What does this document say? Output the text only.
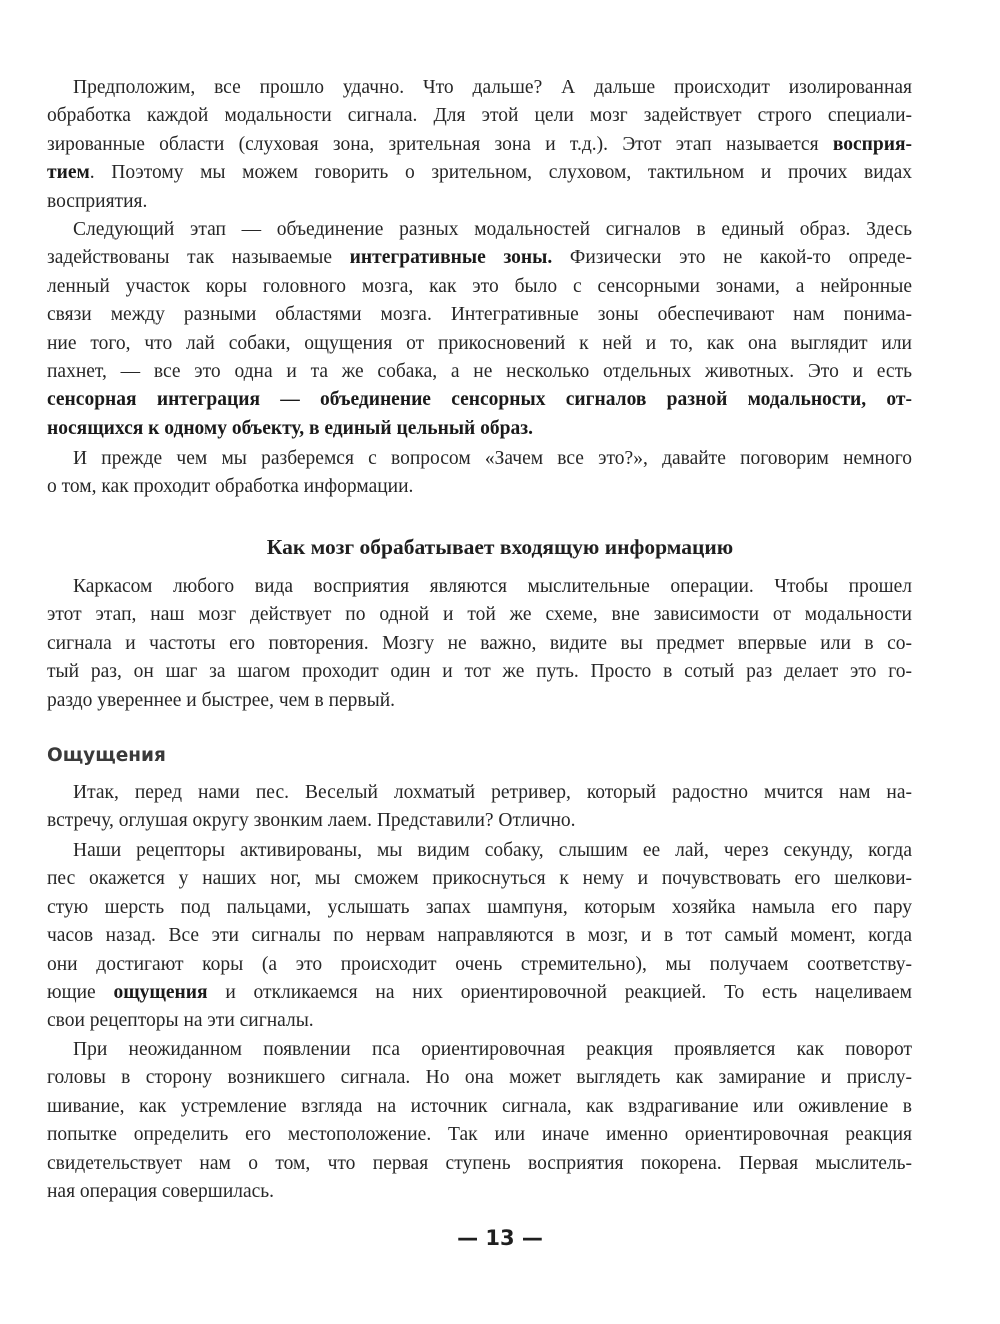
Предположим, все прошло удачно. Что дальше? А дальше происходит изолированная
обработка каждой модальности сигнала. Для этой цели мозг задействует строго специали-
зированные области (слуховая зона, зрительная зона и т.д.). Этот этап называется восприя-
тием. Поэтому мы можем говорить о зрительном, слуховом, тактильном и прочих видах
восприятия.
Следующий этап — объединение разных модальностей сигналов в единый образ. Здесь
задействованы так называемые интегративные зоны. Физически это не какой-то опреде-
ленный участок коры головного мозга, как это было с сенсорными зонами, а нейронные
связи между разными областями мозга. Интегративные зоны обеспечивают нам понима-
ние того, что лай собаки, ощущения от прикосновений к ней и то, как она выглядит или
пахнет, — все это одна и та же собака, а не несколько отдельных животных. Это и есть
сенсорная интеграция — объединение сенсорных сигналов разной модальности, от-
носящихся к одному объекту, в единый цельный образ.
И прежде чем мы разберемся с вопросом «Зачем все это?», давайте поговорим немного
о том, как проходит обработка информации.
Как мозг обрабатывает входящую информацию
Каркасом любого вида восприятия являются мыслительные операции. Чтобы прошел
этот этап, наш мозг действует по одной и той же схеме, вне зависимости от модальности
сигнала и частоты его повторения. Мозгу не важно, видите вы предмет впервые или в со-
тый раз, он шаг за шагом проходит один и тот же путь. Просто в сотый раз делает это го-
раздо увереннее и быстрее, чем в первый.
Ощущения
Итак, перед нами пес. Веселый лохматый ретривер, который радостно мчится нам на-
встречу, оглушая округу звонким лаем. Представили? Отлично.
Наши рецепторы активированы, мы видим собаку, слышим ее лай, через секунду, когда
пес окажется у наших ног, мы сможем прикоснуться к нему и почувствовать его шелкови-
стую шерсть под пальцами, услышать запах шампуня, которым хозяйка намыла его пару
часов назад. Все эти сигналы по нервам направляются в мозг, и в тот самый момент, когда
они достигают коры (а это происходит очень стремительно), мы получаем соответству-
ющие ощущения и откликаемся на них ориентировочной реакцией. То есть нацеливаем
свои рецепторы на эти сигналы.
При неожиданном появлении пса ориентировочная реакция проявляется как поворот
головы в сторону возникшего сигнала. Но она может выглядеть как замирание и прислу-
шивание, как устремление взгляда на источник сигнала, как вздрагивание или оживление в
попытке определить его местоположение. Так или иначе именно ориентировочная реакция
свидетельствует нам о том, что первая ступень восприятия покорена. Первая мыслитель-
ная операция совершилась.
— 13 —
